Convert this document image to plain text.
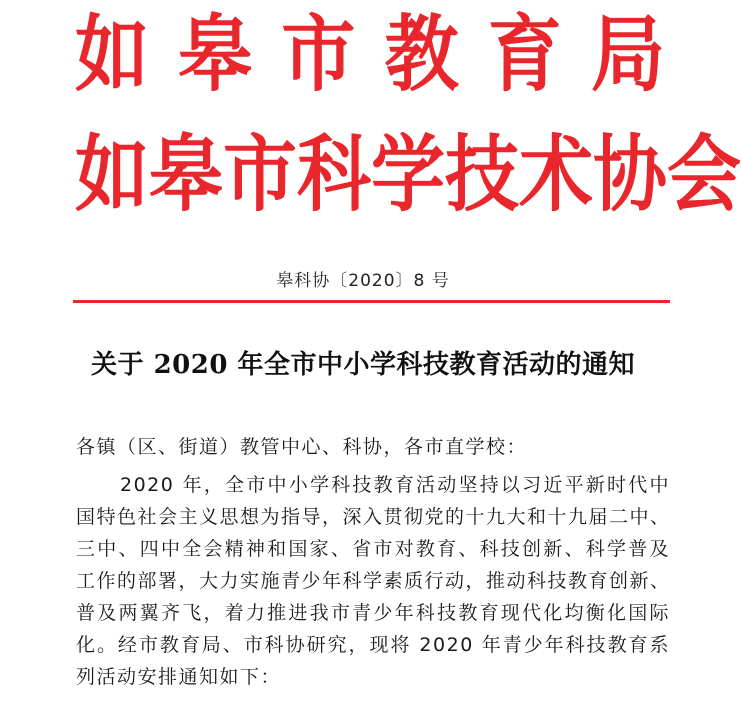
如 皋 市 教 育 局
如 皋 市 科 学 技 术 协 会
皋科协〔2020〕8 号
关于 2020 年全市中小学科技教育活动的通知
各镇（区、街道）教管中心、科协，各市直学校：
2020 年，全市中小学科技教育活动坚持以习近平新时代中
国特色社会主义思想为指导，深入贯彻党的十九大和十九届二中、
三中、四中全会精神和国家、省市对教育、科技创新、科学普及
工作的部署，大力实施青少年科学素质行动，推动科技教育创新、
普及两翼齐飞，着力推进我市青少年科技教育现代化均衡化国际
化。经市教育局、市科协研究，现将 2020 年青少年科技教育系
列活动安排通知如下：
